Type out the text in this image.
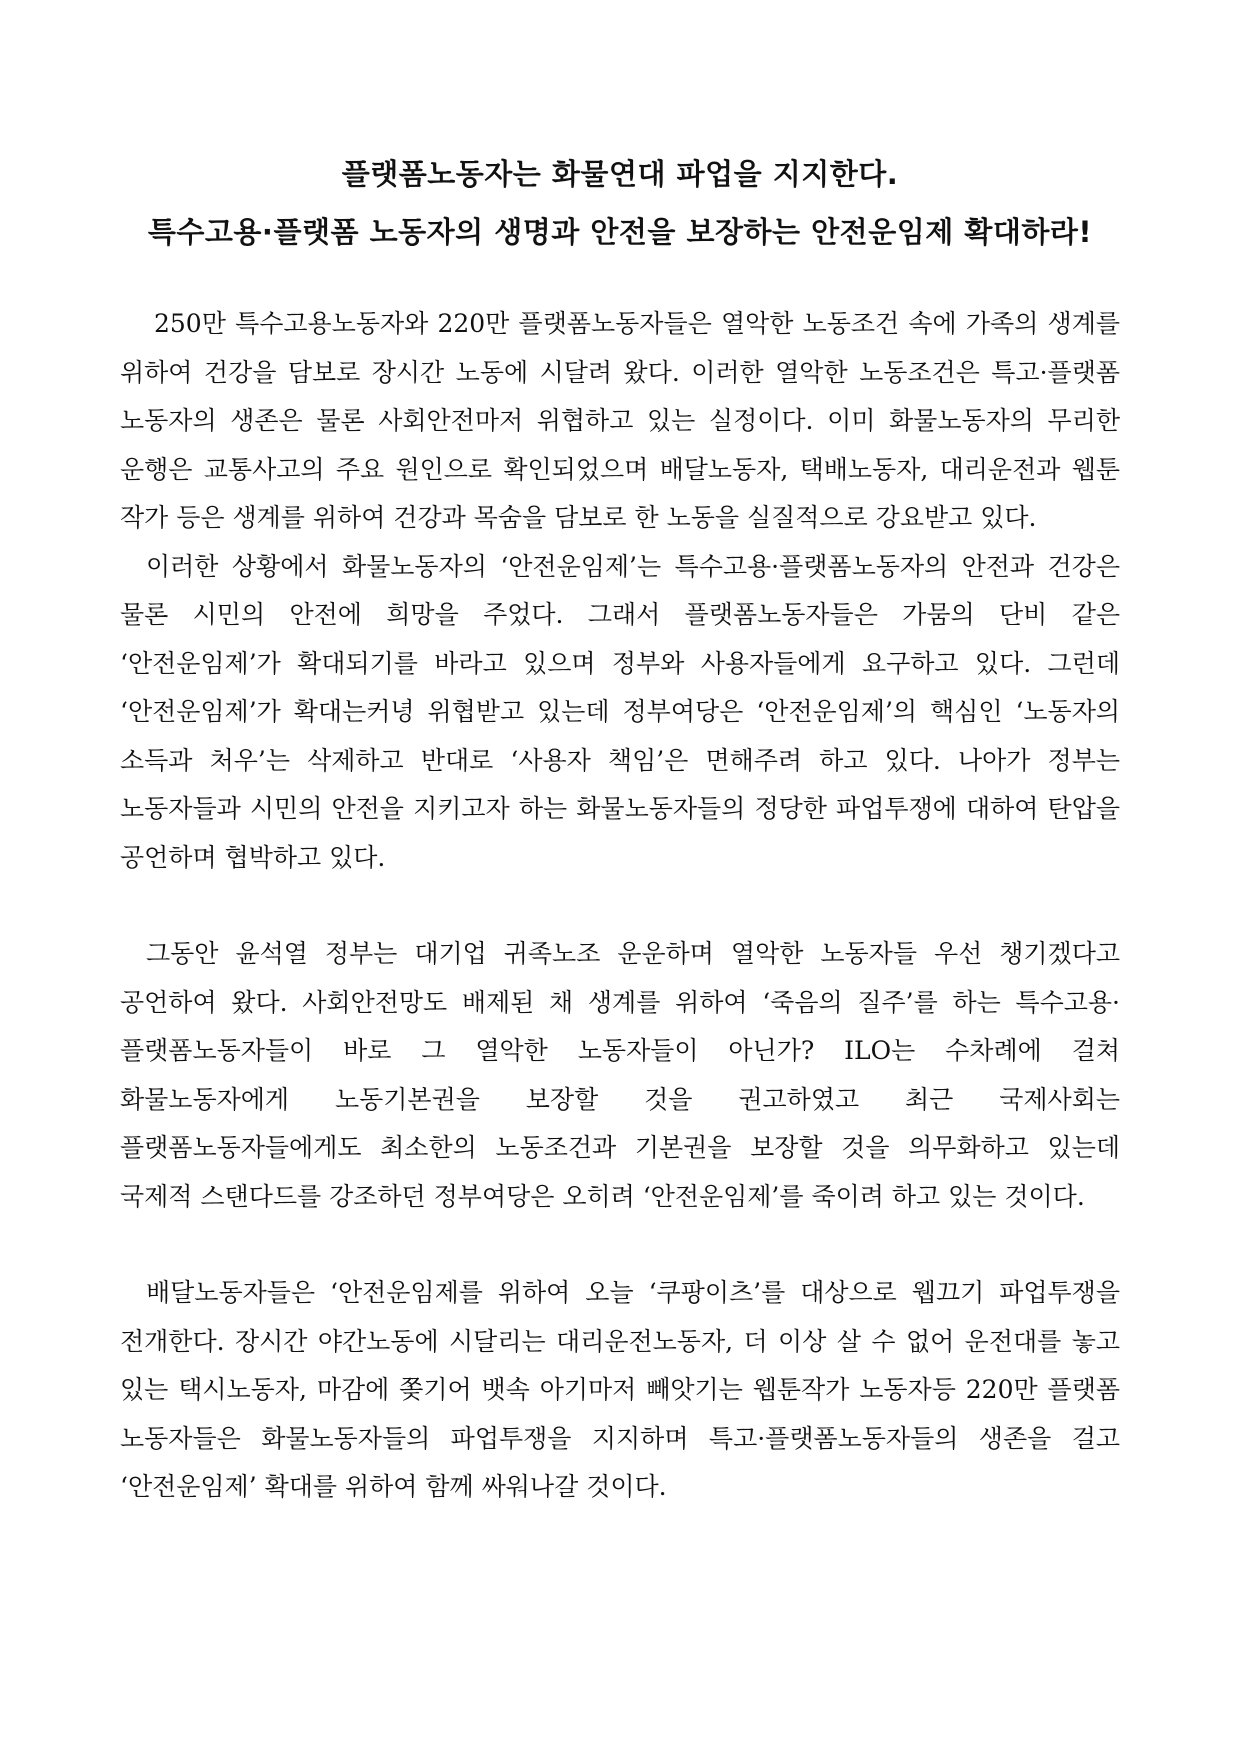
플랫폼노동자는 화물연대 파업을 지지한다.
특수고용·플랫폼 노동자의 생명과 안전을 보장하는 안전운임제 확대하라!

250만 특수고용노동자와 220만 플랫폼노동자들은 열악한 노동조건 속에 가족의 생계를 위하여 건강을 담보로 장시간 노동에 시달려 왔다. 이러한 열악한 노동조건은 특고·플랫폼 노동자의 생존은 물론 사회안전마저 위협하고 있는 실정이다. 이미 화물노동자의 무리한 운행은 교통사고의 주요 원인으로 확인되었으며 배달노동자, 택배노동자, 대리운전과 웹툰 작가 등은 생계를 위하여 건강과 목숨을 담보로 한 노동을 실질적으로 강요받고 있다.

이러한 상황에서 화물노동자의 ‘안전운임제’는 특수고용·플랫폼노동자의 안전과 건강은 물론 시민의 안전에 희망을 주었다. 그래서 플랫폼노동자들은 가뭄의 단비 같은 ‘안전운임제’가 확대되기를 바라고 있으며 정부와 사용자들에게 요구하고 있다. 그런데 ‘안전운임제’가 확대는커녕 위협받고 있는데 정부여당은 ‘안전운임제’의 핵심인 ‘노동자의 소득과 처우’는 삭제하고 반대로 ‘사용자 책임’은 면해주려 하고 있다. 나아가 정부는 노동자들과 시민의 안전을 지키고자 하는 화물노동자들의 정당한 파업투쟁에 대하여 탄압을 공언하며 협박하고 있다.

그동안 윤석열 정부는 대기업 귀족노조 운운하며 열악한 노동자들 우선 챙기겠다고 공언하여 왔다. 사회안전망도 배제된 채 생계를 위하여 ‘죽음의 질주’를 하는 특수고용·플랫폼노동자들이 바로 그 열악한 노동자들이 아닌가? ILO는 수차례에 걸쳐 화물노동자에게 노동기본권을 보장할 것을 권고하였고 최근 국제사회는 플랫폼노동자들에게도 최소한의 노동조건과 기본권을 보장할 것을 의무화하고 있는데 국제적 스탠다드를 강조하던 정부여당은 오히려 ‘안전운임제’를 죽이려 하고 있는 것이다.

배달노동자들은 ‘안전운임제를 위하여 오늘 ‘쿠팡이츠’를 대상으로 웹끄기 파업투쟁을 전개한다. 장시간 야간노동에 시달리는 대리운전노동자, 더 이상 살 수 없어 운전대를 놓고 있는 택시노동자, 마감에 쫒기어 뱃속 아기마저 빼앗기는 웹툰작가 노동자등 220만 플랫폼 노동자들은 화물노동자들의 파업투쟁을 지지하며 특고·플랫폼노동자들의 생존을 걸고 ‘안전운임제’ 확대를 위하여 함께 싸워나갈 것이다.
